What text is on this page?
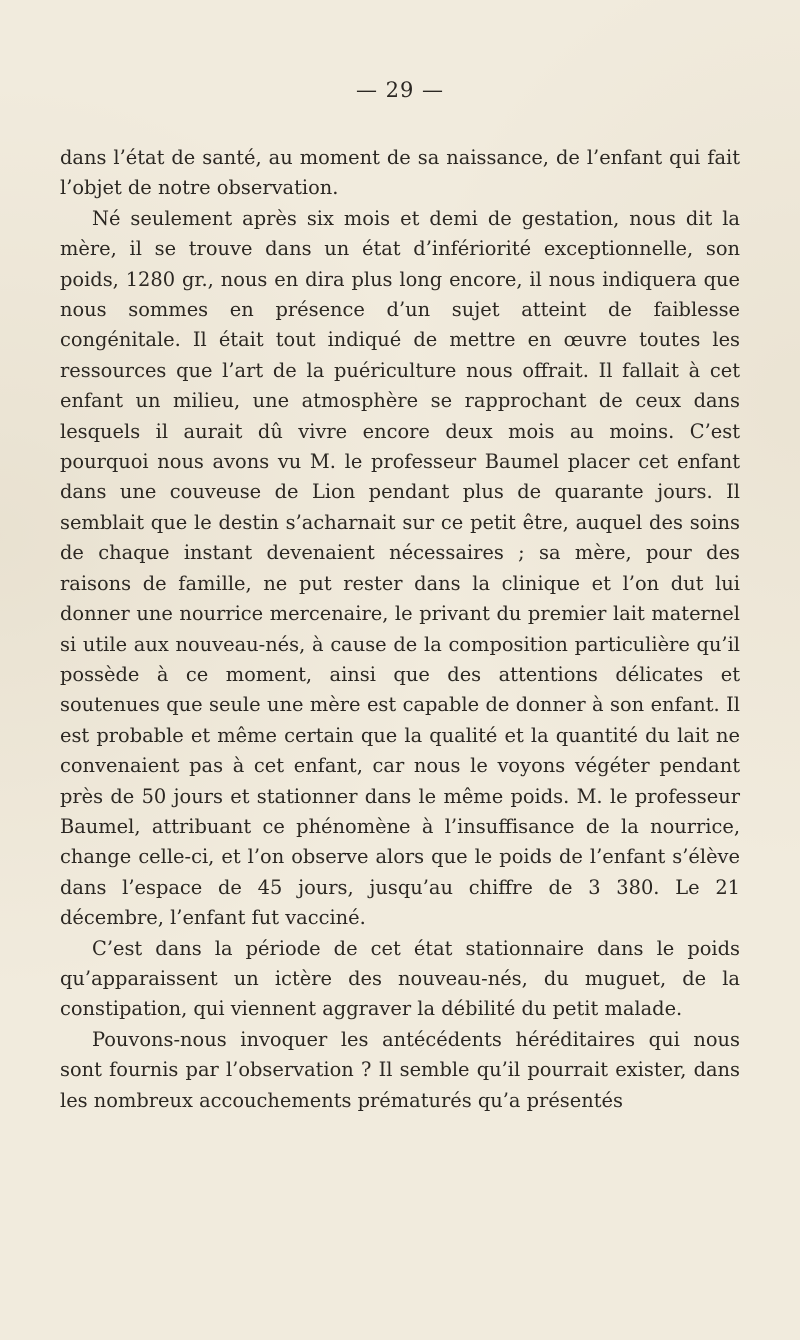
— 29 —

dans l’état de santé, au moment de sa naissance, de l’enfant qui fait l’objet de notre observation.

Né seulement après six mois et demi de gestation, nous dit la mère, il se trouve dans un état d’infériorité exceptionnelle, son poids, 1280 gr., nous en dira plus long encore, il nous indiquera que nous sommes en présence d’un sujet atteint de faiblesse congénitale. Il était tout indiqué de mettre en œuvre toutes les ressources que l’art de la puériculture nous offrait. Il fallait à cet enfant un milieu, une atmosphère se rapprochant de ceux dans lesquels il aurait dû vivre encore deux mois au moins. C’est pourquoi nous avons vu M. le professeur Baumel placer cet enfant dans une couveuse de Lion pendant plus de quarante jours. Il semblait que le destin s’acharnait sur ce petit être, auquel des soins de chaque instant devenaient nécessaires ; sa mère, pour des raisons de famille, ne put rester dans la clinique et l’on dut lui donner une nourrice mercenaire, le privant du premier lait maternel si utile aux nouveau-nés, à cause de la composition particulière qu’il possède à ce moment, ainsi que des attentions délicates et soutenues que seule une mère est capable de donner à son enfant. Il est probable et même certain que la qualité et la quantité du lait ne convenaient pas à cet enfant, car nous le voyons végéter pendant près de 50 jours et stationner dans le même poids. M. le professeur Baumel, attribuant ce phénomène à l’insuffisance de la nourrice, change celle-ci, et l’on observe alors que le poids de l’enfant s’élève dans l’espace de 45 jours, jusqu’au chiffre de 3 380. Le 21 décembre, l’enfant fut vacciné.

C’est dans la période de cet état stationnaire dans le poids qu’apparaissent un ictère des nouveau-nés, du muguet, de la constipation, qui viennent aggraver la débilité du petit malade.

Pouvons-nous invoquer les antécédents héréditaires qui nous sont fournis par l’observation ? Il semble qu’il pourrait exister, dans les nombreux accouchements prématurés qu’a présentés
